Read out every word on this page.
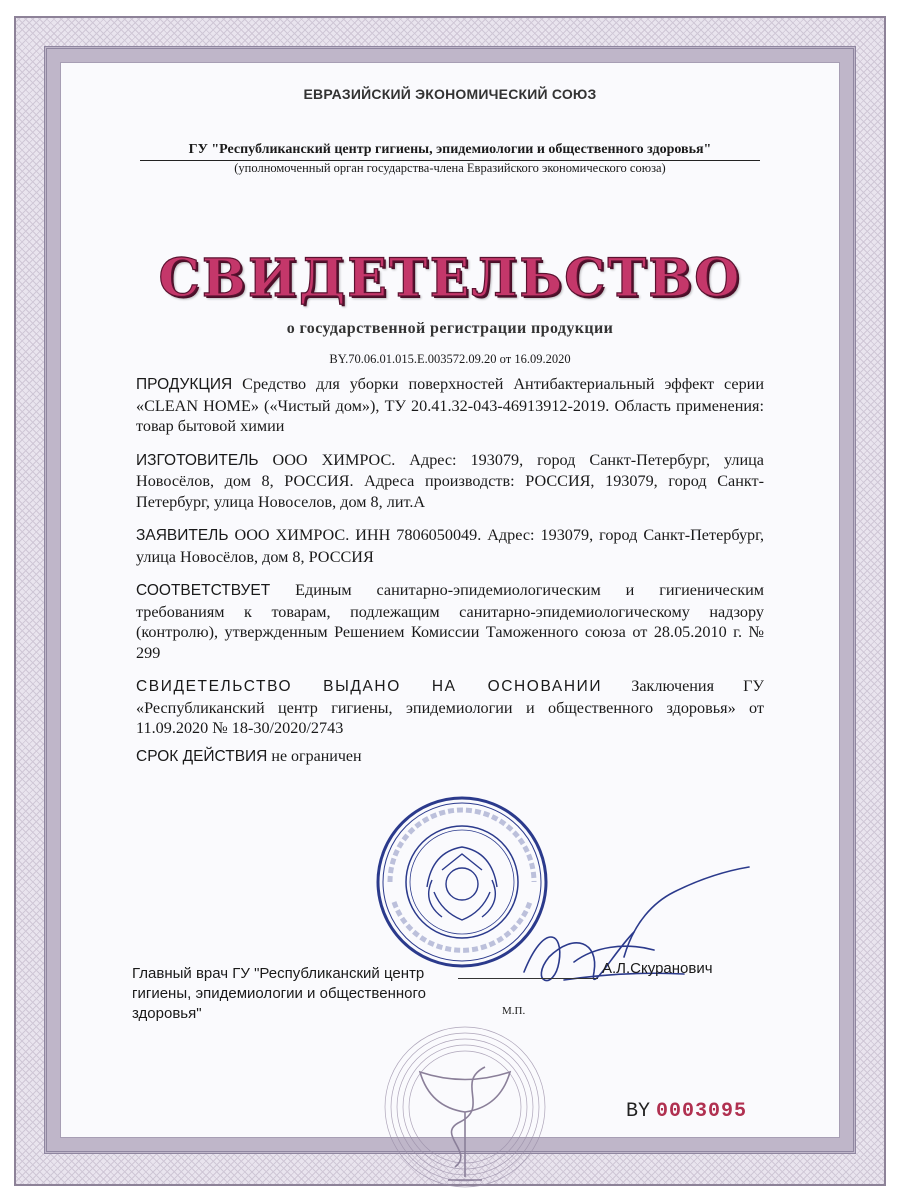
ЕВРАЗИЙСКИЙ ЭКОНОМИЧЕСКИЙ СОЮЗ
ГУ "Республиканский центр гигиены, эпидемиологии и общественного здоровья"
(уполномоченный орган государства-члена Евразийского экономического союза)
СВИДЕТЕЛЬСТВО
о государственной регистрации продукции
BY.70.06.01.015.Е.003572.09.20 от 16.09.2020

ПРОДУКЦИЯ Средство для уборки поверхностей Антибактериальный эффект серии «CLEAN HOME» («Чистый дом»), ТУ 20.41.32-043-46913912-2019. Область применения: товар бытовой химии

ИЗГОТОВИТЕЛЬ ООО ХИМРОС. Адрес: 193079, город Санкт-Петербург, улица Новосёлов, дом 8, РОССИЯ. Адреса производств: РОССИЯ, 193079, город Санкт-Петербург, улица Новоселов, дом 8, лит.А

ЗАЯВИТЕЛЬ ООО ХИМРОС. ИНН 7806050049. Адрес: 193079, город Санкт-Петербург, улица Новосёлов, дом 8, РОССИЯ

СООТВЕТСТВУЕТ Единым санитарно-эпидемиологическим и гигиеническим требованиям к товарам, подлежащим санитарно-эпидемиологическому надзору (контролю), утвержденным Решением Комиссии Таможенного союза от 28.05.2010 г. № 299

СВИДЕТЕЛЬСТВО ВЫДАНО НА ОСНОВАНИИ Заключения ГУ «Республиканский центр гигиены, эпидемиологии и общественного здоровья» от 11.09.2020 № 18-30/2020/2743

СРОК ДЕЙСТВИЯ не ограничен
Главный врач ГУ "Республиканский центр гигиены, эпидемиологии и общественного здоровья"
А.Л.Скуранович
М.П.
BY 0003095
